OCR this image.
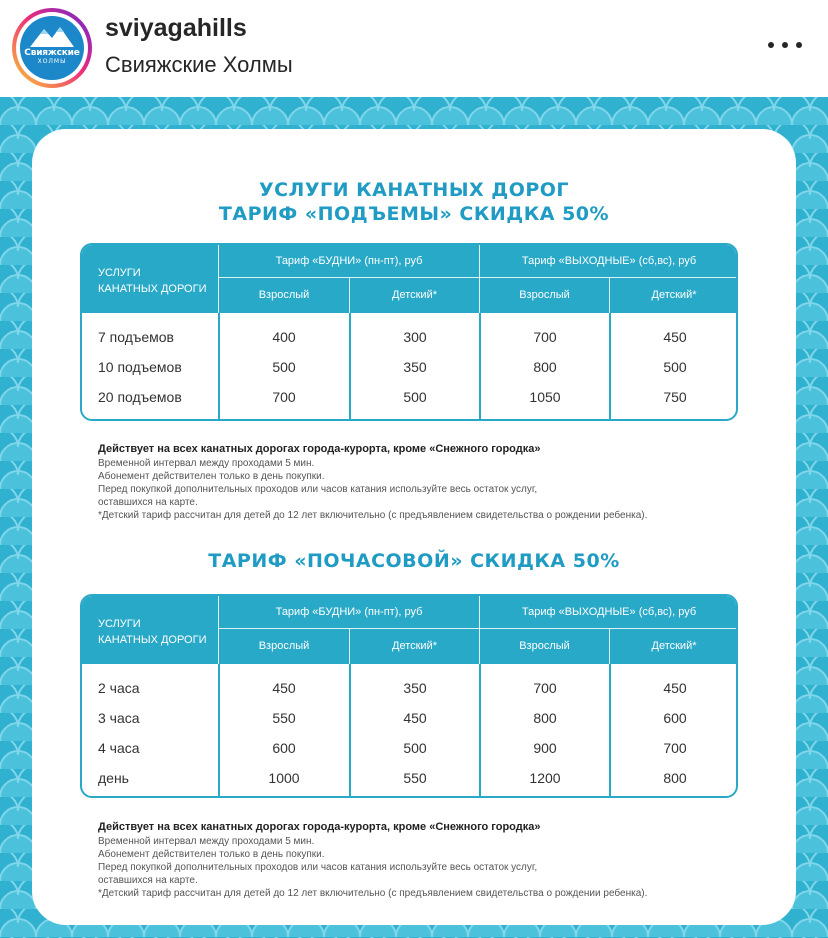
Свияжские
ХОЛМЫ
sviyagahills
Свияжские Холмы
УСЛУГИ КАНАТНЫХ ДОРОГ
ТАРИФ «ПОДЪЕМЫ» СКИДКА 50%
УСЛУГИ
КАНАТНЫХ ДОРОГИ
Тариф «БУДНИ» (пн-пт), руб	Тариф «ВЫХОДНЫЕ» (сб,вс), руб
Взрослый	Детский*	Взрослый	Детский*
7 подъемов	400	300	700	450
10 подъемов	500	350	800	500
20 подъемов	700	500	1050	750
Действует на всех канатных дорогах города-курорта, кроме «Снежного городка»
Временной интервал между проходами 5 мин.
Абонемент действителен только в день покупки.
Перед покупкой дополнительных проходов или часов катания используйте весь остаток услуг,
оставшихся на карте.
*Детский тариф рассчитан для детей до 12 лет включительно (с предъявлением свидетельства о рождении ребенка).
ТАРИФ «ПОЧАСОВОЙ» СКИДКА 50%
УСЛУГИ
КАНАТНЫХ ДОРОГИ
Тариф «БУДНИ» (пн-пт), руб	Тариф «ВЫХОДНЫЕ» (сб,вс), руб
Взрослый	Детский*	Взрослый	Детский*
2 часа	450	350	700	450
3 часа	550	450	800	600
4 часа	600	500	900	700
день	1000	550	1200	800
Действует на всех канатных дорогах города-курорта, кроме «Снежного городка»
Временной интервал между проходами 5 мин.
Абонемент действителен только в день покупки.
Перед покупкой дополнительных проходов или часов катания используйте весь остаток услуг,
оставшихся на карте.
*Детский тариф рассчитан для детей до 12 лет включительно (с предъявлением свидетельства о рождении ребенка).
